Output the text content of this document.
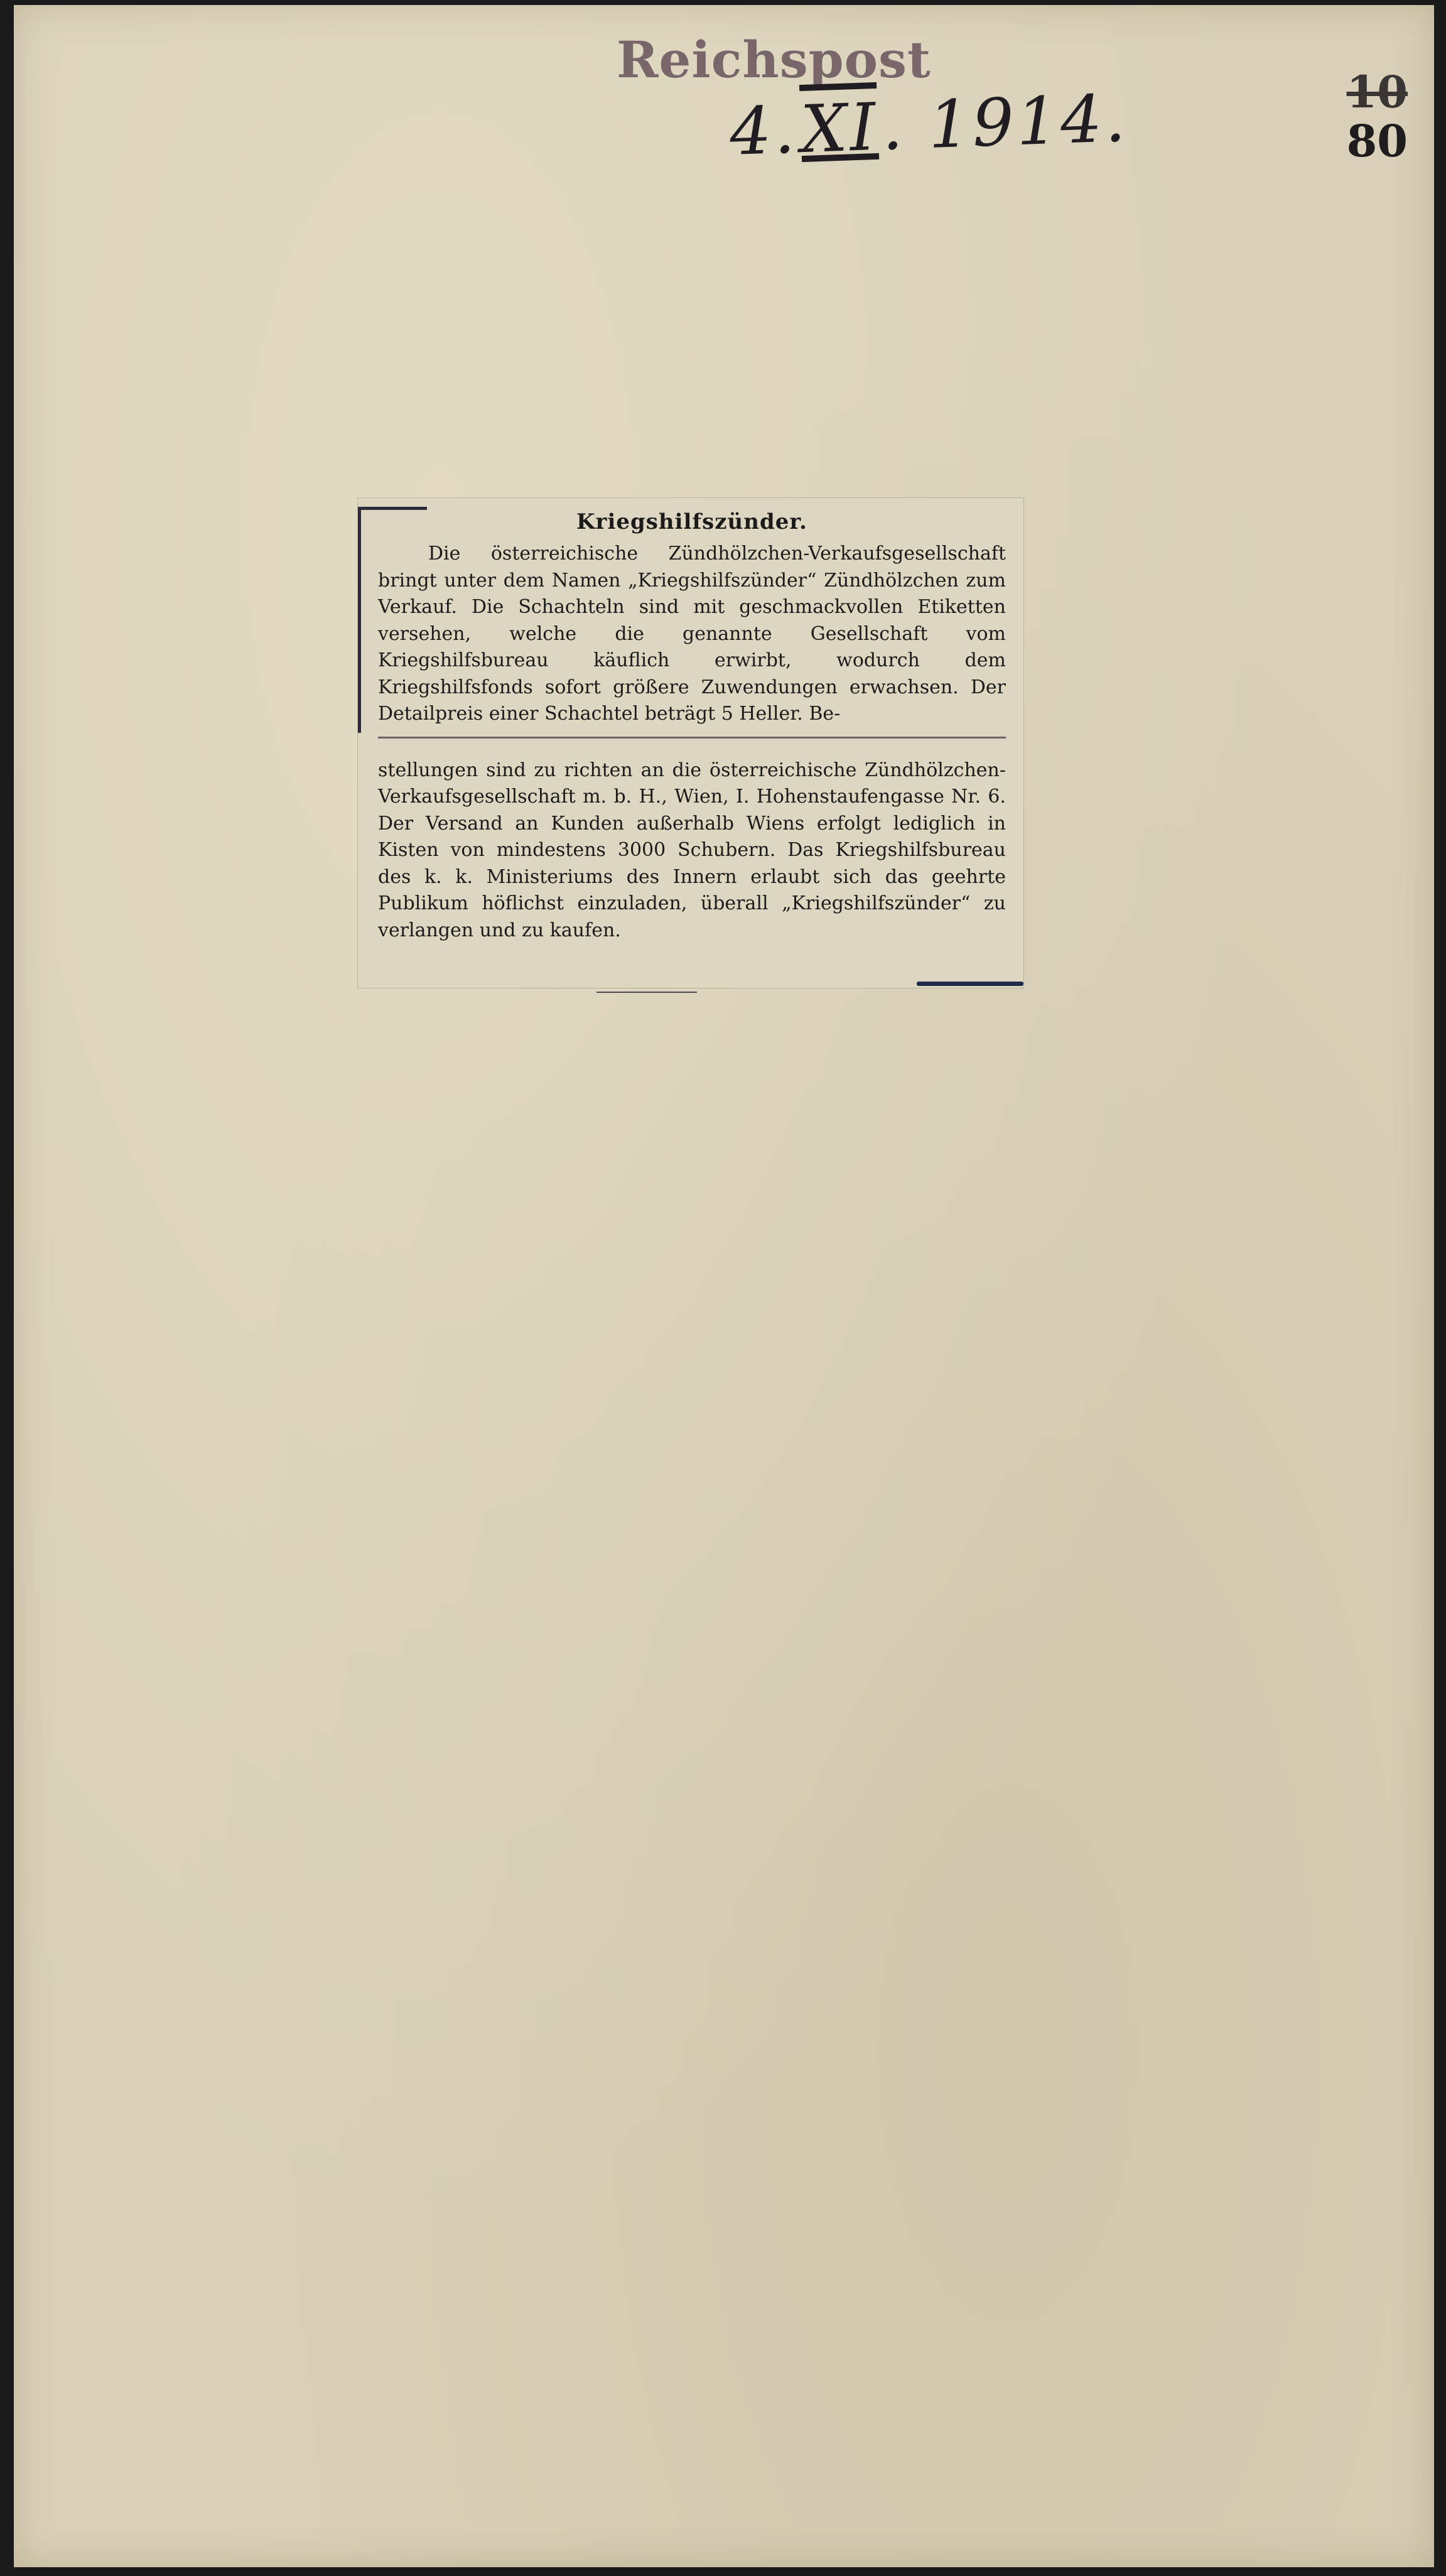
Reichspost
4.XI. 1914.	10
80
Kriegshilfszünder.

Die österreichische Zündhölzchen-Verkaufsgesellschaft bringt unter dem Namen „Kriegshilfszünder“ Zündhölzchen zum Verkauf. Die Schachteln sind mit geschmackvollen Etiketten versehen, welche die genannte Gesellschaft vom Kriegshilfsbureau käuflich erwirbt, wodurch dem Kriegshilfsfonds sofort größere Zuwendungen erwachsen. Der Detailpreis einer Schachtel beträgt 5 Heller. Be-

stellungen sind zu richten an die österreichische Zündhölzchen-Verkaufsgesellschaft m. b. H., Wien, I. Hohenstaufengasse Nr. 6. Der Versand an Kunden außerhalb Wiens erfolgt lediglich in Kisten von mindestens 3000 Schubern. Das Kriegshilfsbureau des k. k. Ministeriums des Innern erlaubt sich das geehrte Publikum höflichst einzuladen, überall „Kriegshilfszünder“ zu verlangen und zu kaufen.
